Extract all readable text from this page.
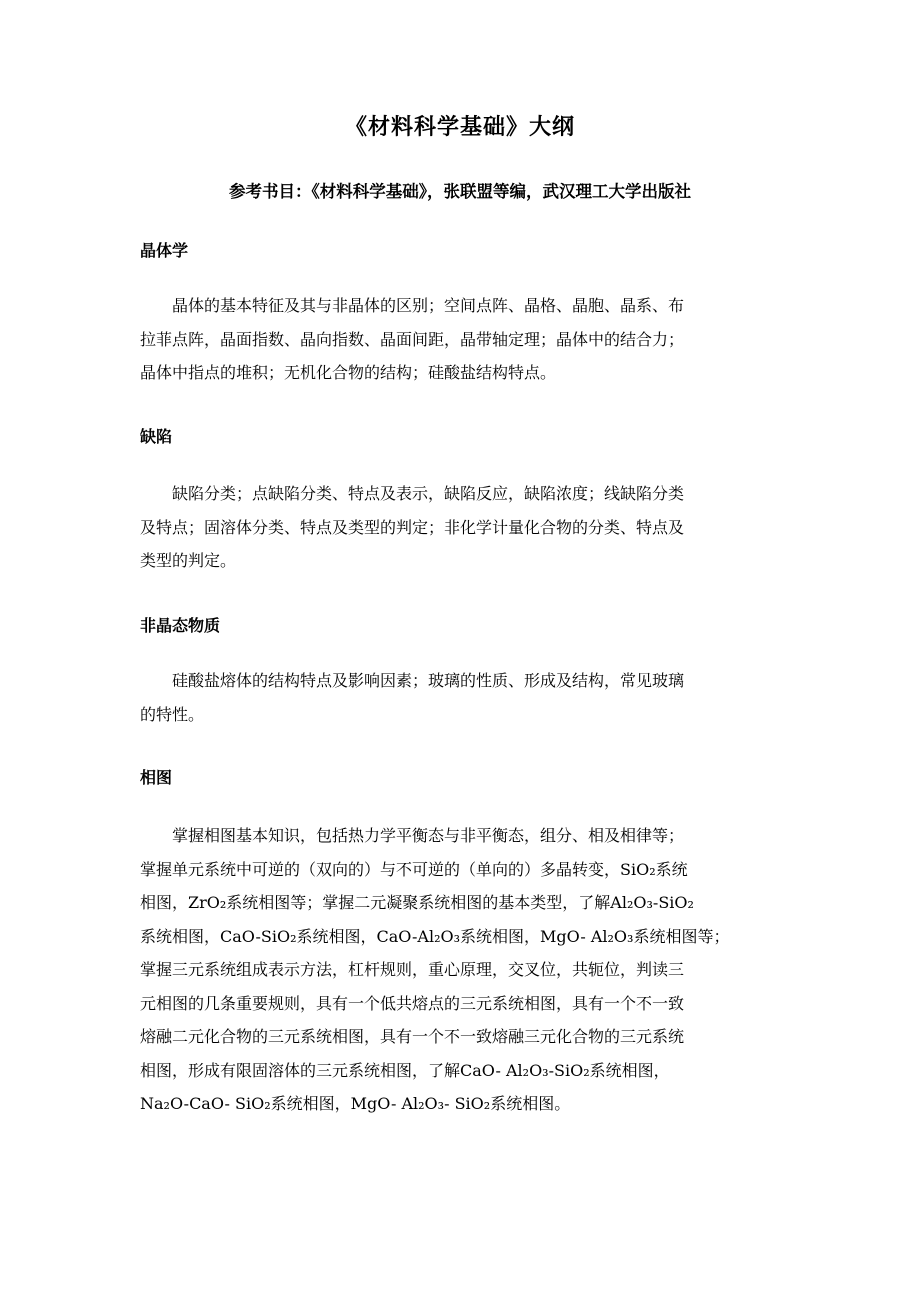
《材料科学基础》大纲
参考书目：《材料科学基础》，张联盟等编，武汉理工大学出版社
晶体学
晶体的基本特征及其与非晶体的区别；空间点阵、晶格、晶胞、晶系、布
拉菲点阵，晶面指数、晶向指数、晶面间距，晶带轴定理；晶体中的结合力；
晶体中指点的堆积；无机化合物的结构；硅酸盐结构特点。
缺陷
缺陷分类；点缺陷分类、特点及表示，缺陷反应，缺陷浓度；线缺陷分类
及特点；固溶体分类、特点及类型的判定；非化学计量化合物的分类、特点及
类型的判定。
非晶态物质
硅酸盐熔体的结构特点及影响因素；玻璃的性质、形成及结构，常见玻璃
的特性。
相图
掌握相图基本知识，包括热力学平衡态与非平衡态，组分、相及相律等；
掌握单元系统中可逆的（双向的）与不可逆的（单向的）多晶转变，SiO₂系统
相图，ZrO₂系统相图等；掌握二元凝聚系统相图的基本类型，了解Al₂O₃-SiO₂
系统相图，CaO-SiO₂系统相图，CaO-Al₂O₃系统相图，MgO- Al₂O₃系统相图等；
掌握三元系统组成表示方法，杠杆规则，重心原理，交叉位，共轭位，判读三
元相图的几条重要规则，具有一个低共熔点的三元系统相图，具有一个不一致
熔融二元化合物的三元系统相图，具有一个不一致熔融三元化合物的三元系统
相图，形成有限固溶体的三元系统相图，了解CaO- Al₂O₃-SiO₂系统相图，
Na₂O-CaO- SiO₂系统相图，MgO- Al₂O₃- SiO₂系统相图。
